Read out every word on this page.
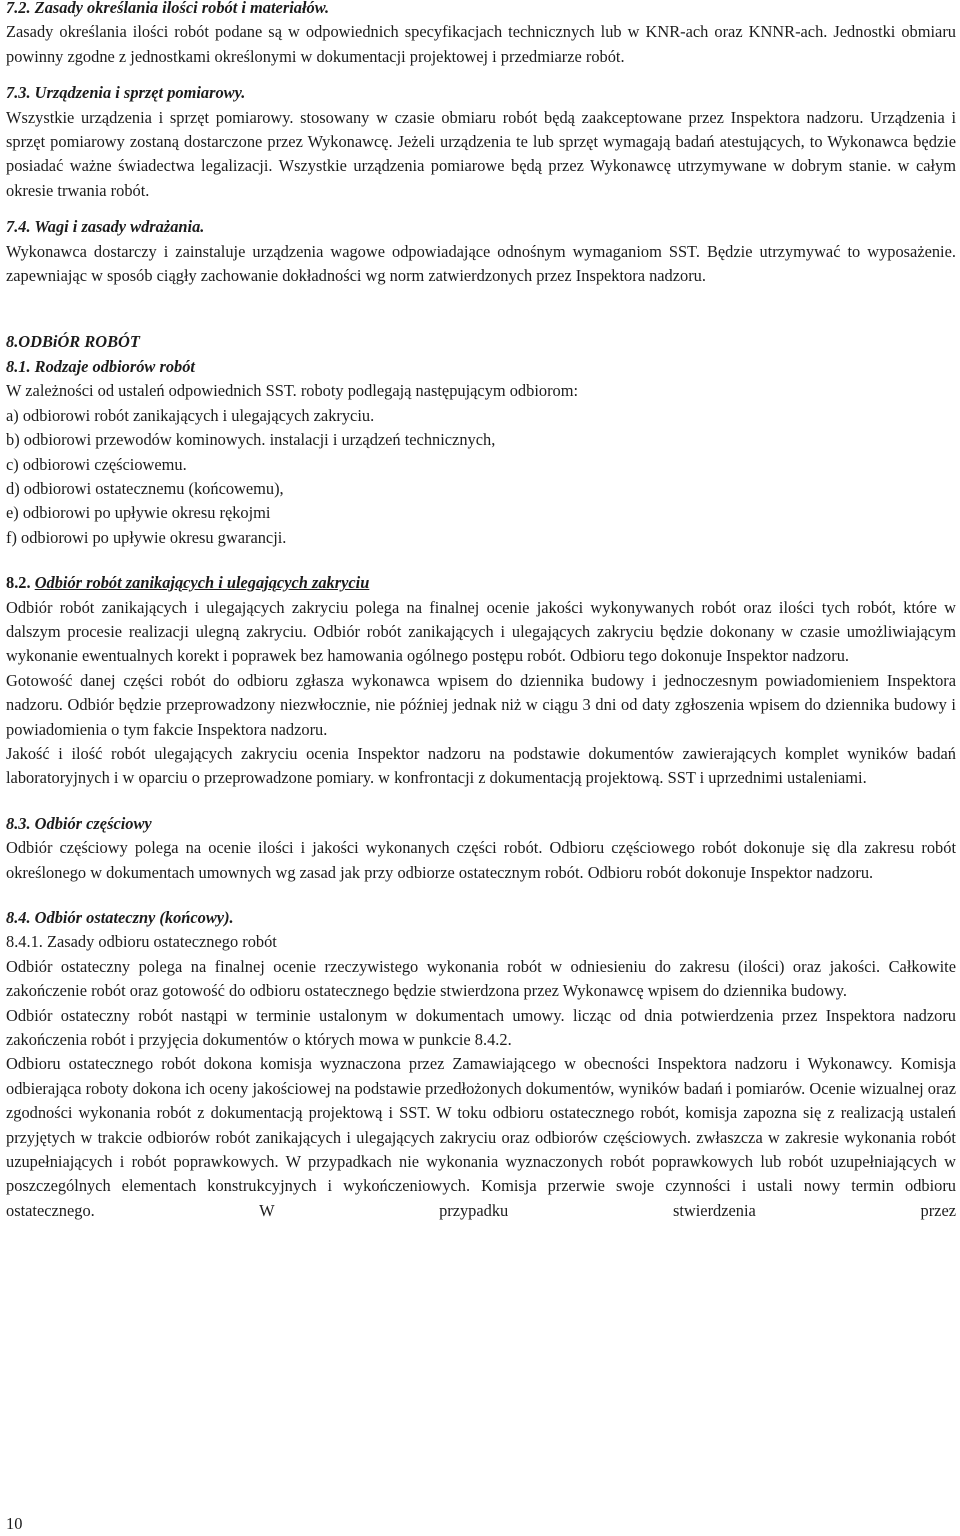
7.2. Zasady określania ilości robót i materiałów.

Zasady określania ilości robót podane są w odpowiednich specyfikacjach technicznych lub w KNR-ach oraz KNNR-ach. Jednostki obmiaru powinny zgodne z jednostkami określonymi w dokumentacji projektowej i przedmiarze robót.

7.3. Urządzenia i sprzęt pomiarowy.

Wszystkie urządzenia i sprzęt pomiarowy. stosowany w czasie obmiaru robót będą zaakceptowane przez Inspektora nadzoru. Urządzenia i sprzęt pomiarowy zostaną dostarczone przez Wykonawcę. Jeżeli urządzenia te lub sprzęt wymagają badań atestujących, to Wykonawca będzie posiadać ważne świadectwa legalizacji. Wszystkie urządzenia pomiarowe będą przez Wykonawcę utrzymywane w dobrym stanie. w całym okresie trwania robót.

7.4. Wagi i zasady wdrażania.

Wykonawca dostarczy i zainstaluje urządzenia wagowe odpowiadające odnośnym wymaganiom SST. Będzie utrzymywać to wyposażenie. zapewniając w sposób ciągły zachowanie dokładności wg norm zatwierdzonych przez Inspektora nadzoru.

8.ODBiÓR ROBÓT

8.1. Rodzaje odbiorów robót

W zależności od ustaleń odpowiednich SST. roboty podlegają następującym odbiorom:

a) odbiorowi robót zanikających i ulegających zakryciu.

b) odbiorowi przewodów kominowych. instalacji i urządzeń technicznych,

c) odbiorowi częściowemu.

d) odbiorowi ostatecznemu (końcowemu),

e) odbiorowi po upływie okresu rękojmi

f) odbiorowi po upływie okresu gwarancji.

8.2. Odbiór robót zanikających i ulegających zakryciu

Odbiór robót zanikających i ulegających zakryciu polega na finalnej ocenie jakości wykonywanych robót oraz ilości tych robót, które w dalszym procesie realizacji ulegną zakryciu. Odbiór robót zanikających i ulegających zakryciu będzie dokonany w czasie umożliwiającym wykonanie ewentualnych korekt i poprawek bez hamowania ogólnego postępu robót. Odbioru tego dokonuje Inspektor nadzoru.

Gotowość danej części robót do odbioru zgłasza wykonawca wpisem do dziennika budowy i jednoczesnym powiadomieniem Inspektora nadzoru. Odbiór będzie przeprowadzony niezwłocznie, nie później jednak niż w ciągu 3 dni od daty zgłoszenia wpisem do dziennika budowy i powiadomienia o tym fakcie Inspektora nadzoru.

Jakość i ilość robót ulegających zakryciu ocenia Inspektor nadzoru na podstawie dokumentów zawierających komplet wyników badań laboratoryjnych i w oparciu o przeprowadzone pomiary. w konfrontacji z dokumentacją projektową. SST i uprzednimi ustaleniami.

8.3. Odbiór częściowy

Odbiór częściowy polega na ocenie ilości i jakości wykonanych części robót. Odbioru częściowego robót dokonuje się dla zakresu robót określonego w dokumentach umownych wg zasad jak przy odbiorze ostatecznym robót. Odbioru robót dokonuje Inspektor nadzoru.

8.4. Odbiór ostateczny (końcowy).

8.4.1. Zasady odbioru ostatecznego robót

Odbiór ostateczny polega na finalnej ocenie rzeczywistego wykonania robót w odniesieniu do zakresu (ilości) oraz jakości. Całkowite zakończenie robót oraz gotowość do odbioru ostatecznego będzie stwierdzona przez Wykonawcę wpisem do dziennika budowy.

Odbiór ostateczny robót nastąpi w terminie ustalonym w dokumentach umowy. licząc od dnia potwierdzenia przez Inspektora nadzoru zakończenia robót i przyjęcia dokumentów o których mowa w punkcie 8.4.2.

Odbioru ostatecznego robót dokona komisja wyznaczona przez Zamawiającego w obecności Inspektora nadzoru i Wykonawcy. Komisja odbierająca roboty dokona ich oceny jakościowej na podstawie przedłożonych dokumentów, wyników badań i pomiarów. Ocenie wizualnej oraz zgodności wykonania robót z dokumentacją projektową i SST. W toku odbioru ostatecznego robót, komisja zapozna się z realizacją ustaleń przyjętych w trakcie odbiorów robót zanikających i ulegających zakryciu oraz odbiorów częściowych. zwłaszcza w zakresie wykonania robót uzupełniających i robót poprawkowych. W przypadkach nie wykonania wyznaczonych robót poprawkowych lub robót uzupełniających w poszczególnych elementach konstrukcyjnych i wykończeniowych. Komisja przerwie swoje czynności i ustali nowy termin odbioru ostatecznego. W przypadku stwierdzenia przez

10
